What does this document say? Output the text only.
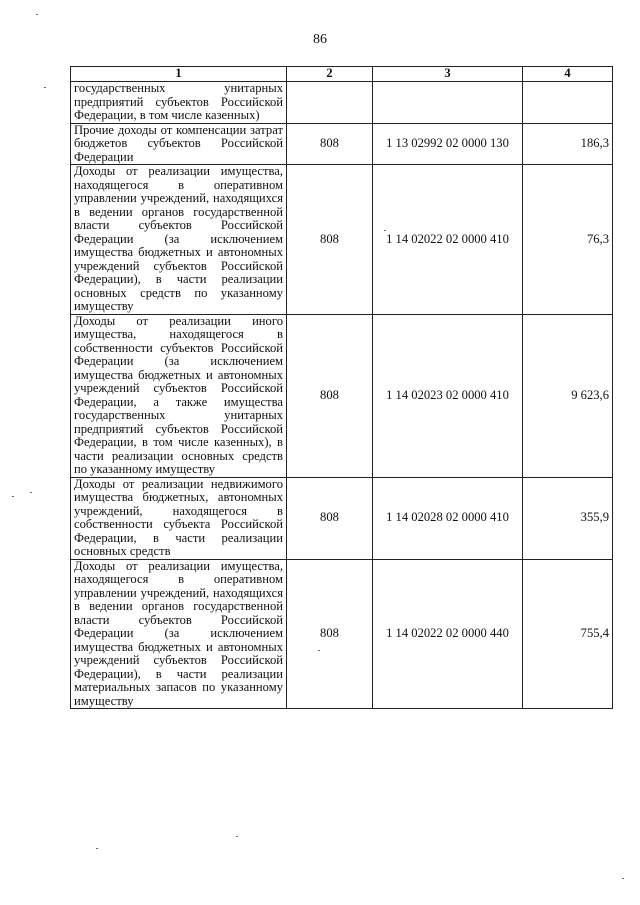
86
1	2	3	4
государственных унитарных предприятий субъектов Российской Федерации, в том числе казенных)			
Прочие доходы от компенсации затрат бюджетов субъектов Российской Федерации	808	1 13 02992 02 0000 130	186,3
Доходы от реализации имущества, находящегося в оперативном управлении учреждений, находящихся в ведении органов государственной власти субъектов Российской Федерации (за исключением имущества бюджетных и автономных учреждений субъектов Российской Федерации), в части реализации основных средств по указанному имуществу	808	1 14 02022 02 0000 410	76,3
Доходы от реализации иного имущества, находящегося в собственности субъектов Российской Федерации (за исключением имущества бюджетных и автономных учреждений субъектов Российской Федерации, а также имущества государственных унитарных предприятий субъектов Российской Федерации, в том числе казенных), в части реализации основных средств по указанному имуществу	808	1 14 02023 02 0000 410	9 623,6
Доходы от реализации недвижимого имущества бюджетных, автономных учреждений, находящегося в собственности субъекта Российской Федерации, в части реализации основных средств	808	1 14 02028 02 0000 410	355,9
Доходы от реализации имущества, находящегося в оперативном управлении учреждений, находящихся в ведении органов государственной власти субъектов Российской Федерации (за исключением имущества бюджетных и автономных учреждений субъектов Российской Федерации), в части реализации материальных запасов по указанному имуществу	808	1 14 02022 02 0000 440	755,4
